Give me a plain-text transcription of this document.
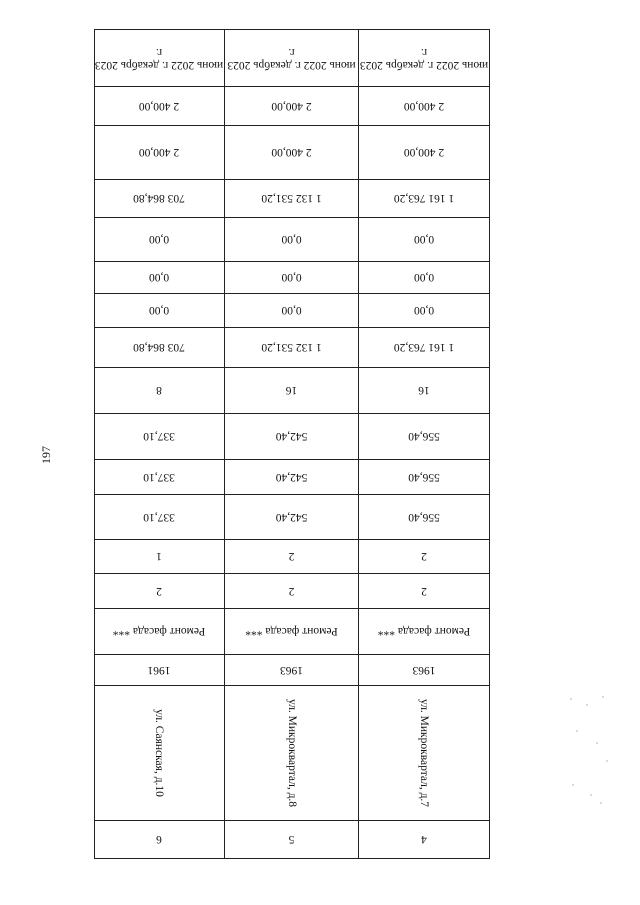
197
4
5
6
ул. Микроквартал, д.7
ул. Микроквартал, д.8
ул. Саянская, д.10
1963
1963
1961
Ремонт фасада ***
Ремонт фасада ***
Ремонт фасада ***
2
2
2
2
2
1
556,40
542,40
337,10
556,40
542,40
337,10
556,40
542,40
337,10
16
16
8
1 161 763,20
1 132 531,20
703 864,80
0,00
0,00
0,00
0,00
0,00
0,00
0,00
0,00
0,00
1 161 763,20
1 132 531,20
703 864,80
2 400,00
2 400,00
2 400,00
2 400,00
2 400,00
2 400,00
июнь 2022 г. декабрь 2023 г.
июнь 2022 г. декабрь 2023 г.
июнь 2022 г. декабрь 2023 г.
